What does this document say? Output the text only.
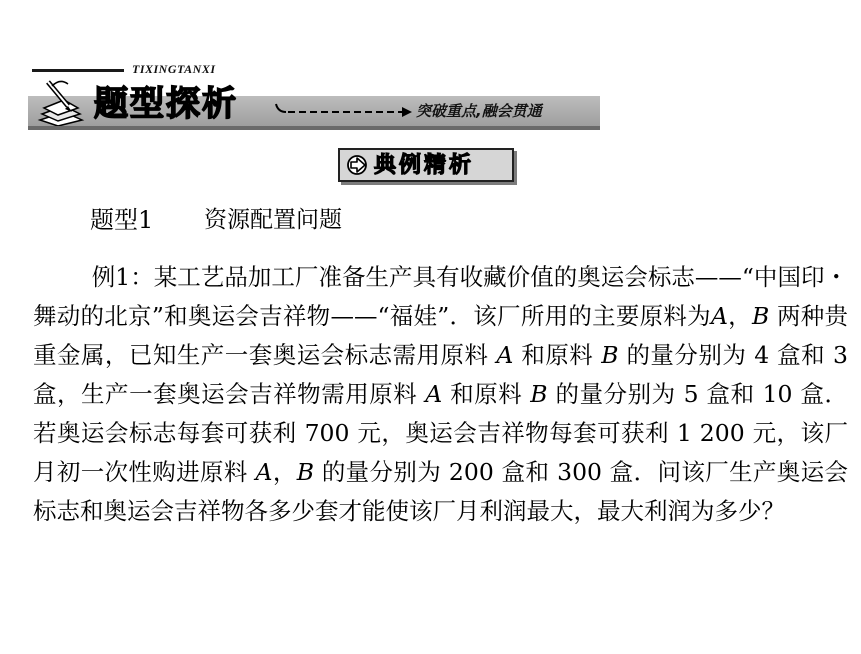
TIXINGTANXI
题型探析	突破重点,融会贯通
典例精析
题型1 资源配置问题

例1：某工艺品加工厂准备生产具有收藏价值的奥运会标志——“中国印・舞动的北京”和奥运会吉祥物——“福娃”．该厂所用的主要原料为A，B 两种贵重金属，已知生产一套奥运会标志需用原料 A 和原料 B 的量分别为 4 盒和 3 盒，生产一套奥运会吉祥物需用原料 A 和原料 B 的量分别为 5 盒和 10 盒．若奥运会标志每套可获利 700 元，奥运会吉祥物每套可获利 1 200 元，该厂月初一次性购进原料 A，B 的量分别为 200 盒和 300 盒．问该厂生产奥运会标志和奥运会吉祥物各多少套才能使该厂月利润最大，最大利润为多少？
